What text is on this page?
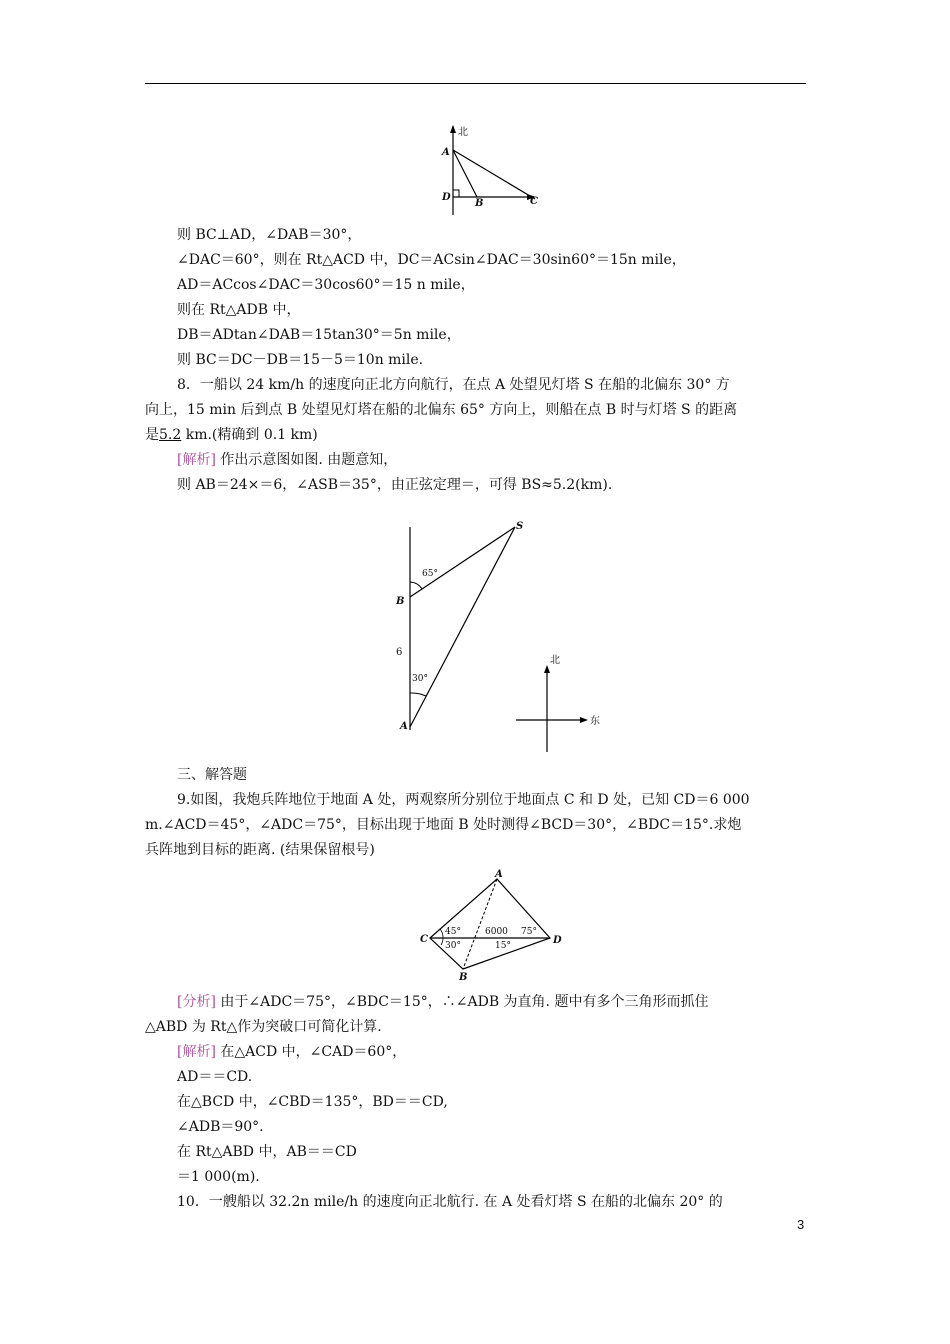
北
A
D
B	C
则 BC⊥AD，∠DAB＝30°，
∠DAC＝60°，则在 Rt△ACD 中，DC＝ACsin∠DAC＝30sin60°＝15n mile，
AD＝ACcos∠DAC＝30cos60°＝15 n mile，
则在 Rt△ADB 中，
DB＝ADtan∠DAB＝15tan30°＝5n mile，
则 BC＝DC－DB＝15－5＝10n mile.
8．一船以 24 km/h 的速度向正北方向航行，在点 A 处望见灯塔 S 在船的北偏东 30° 方
向上，15 min 后到点 B 处望见灯塔在船的北偏东 65° 方向上，则船在点 B 时与灯塔 S 的距离
是5.2 km.(精确到 0.1 km)
[解析] 作出示意图如图. 由题意知，
则 AB＝24×＝6，∠ASB＝35°，由正弦定理＝，可得 BS≈5.2(km).
65°
30°
6
S
B
A
北
东
三、解答题
9.如图，我炮兵阵地位于地面 A 处，两观察所分别位于地面点 C 和 D 处，已知 CD＝6 000
m.∠ACD＝45°，∠ADC＝75°，目标出现于地面 B 处时测得∠BCD＝30°，∠BDC＝15°.求炮
兵阵地到目标的距离. (结果保留根号)
45°
30°
75°
15°
6000
A
C	D
B
[分析] 由于∠ADC＝75°，∠BDC＝15°，∴∠ADB 为直角. 题中有多个三角形而抓住
△ABD 为 Rt△作为突破口可简化计算.
[解析] 在△ACD 中，∠CAD＝60°，
AD＝＝CD.
在△BCD 中，∠CBD＝135°，BD＝＝CD,
∠ADB＝90°.
在 Rt△ABD 中，AB＝＝CD
＝1 000(m).
10．一艘船以 32.2n mile/h 的速度向正北航行. 在 A 处看灯塔 S 在船的北偏东 20° 的
3
